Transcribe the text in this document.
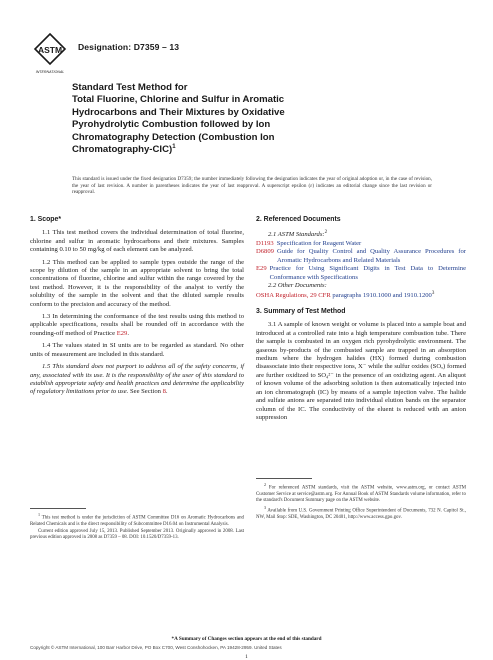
ASTM
INTERNATIONAL
Designation: D7359 – 13
Standard Test Method for
Total Fluorine, Chlorine and Sulfur in Aromatic
Hydrocarbons and Their Mixtures by Oxidative
Pyrohydrolytic Combustion followed by Ion
Chromatography Detection (Combustion Ion
Chromatography-CIC)$^1$
This standard is issued under the fixed designation D7359; the number immediately following the designation indicates the year of original adoption or, in the case of revision, the year of last revision. A number in parentheses indicates the year of last reapproval. A superscript epsilon (ε) indicates an editorial change since the last revision or reapproval.
1. Scope*

1.1 This test method covers the individual determination of total fluorine, chlorine and sulfur in aromatic hydrocarbons and their mixtures. Samples containing 0.10 to 50 mg/kg of each element can be analyzed.

1.2 This method can be applied to sample types outside the range of the scope by dilution of the sample in an appropriate solvent to bring the total concentrations of fluorine, chlorine and sulfur within the range covered by the test method. However, it is the responsibility of the analyst to verify the solubility of the sample in the solvent and that the diluted sample results conform to the precision and accuracy of the method.

1.3 In determining the conformance of the test results using this method to applicable specifications, results shall be rounded off in accordance with the rounding-off method of Practice E29.

1.4 The values stated in SI units are to be regarded as standard. No other units of measurement are included in this standard.

1.5 This standard does not purport to address all of the safety concerns, if any, associated with its use. It is the responsibility of the user of this standard to establish appropriate safety and health practices and determine the applicability of regulatory limitations prior to use. See Section 8.

$^1$ This test method is under the jurisdiction of ASTM Committee D16 on Aromatic Hydrocarbons and Related Chemicals and is the direct responsibility of Subcommittee D16.04 on Instrumental Analysis.
Current edition approved July 15, 2013. Published September 2013. Originally approved in 2008. Last previous edition approved in 2008 as D7359 – 08. DOI: 10.1520/D7359-13.
2. Referenced Documents
2.1 ASTM Standards:$^2$
D1193 Specification for Reagent Water
D6809 Guide for Quality Control and Quality Assurance Procedures for Aromatic Hydrocarbons and Related Materials
E29 Practice for Using Significant Digits in Test Data to Determine Conformance with Specifications
2.2 Other Documents:
OSHA Regulations, 29 CFR paragraphs 1910.1000 and 1910.1200$^3$
3. Summary of Test Method

3.1 A sample of known weight or volume is placed into a sample boat and introduced at a controlled rate into a high temperature combustion tube. There the sample is combusted in an oxygen rich pyrohydrolytic environment. The gaseous by-products of the combusted sample are trapped in an absorption medium where the hydrogen halides (HX) formed during combustion disassociate into their respective ions, X⁻ while the sulfur oxides (SOₓ) formed are further oxidized to SO₄²⁻ in the presence of an oxidizing agent. An aliquot of known volume of the adsorbing solution is then automatically injected into an ion chromatograph (IC) by means of a sample injection valve. The halide and sulfate anions are separated into individual elution bands on the separator column of the IC. The conductivity of the eluent is reduced with an anion suppression

$^2$ For referenced ASTM standards, visit the ASTM website, www.astm.org, or contact ASTM Customer Service at service@astm.org. For Annual Book of ASTM Standards volume information, refer to the standard's Document Summary page on the ASTM website.
$^3$ Available from U.S. Government Printing Office Superintendent of Documents, 732 N. Capitol St., NW, Mail Stop: SDE, Washington, DC 20401, http://www.access.gpo.gov.
*A Summary of Changes section appears at the end of this standard
Copyright © ASTM International, 100 Barr Harbor Drive, PO Box C700, West Conshohocken, PA 19428-2959. United States
1
